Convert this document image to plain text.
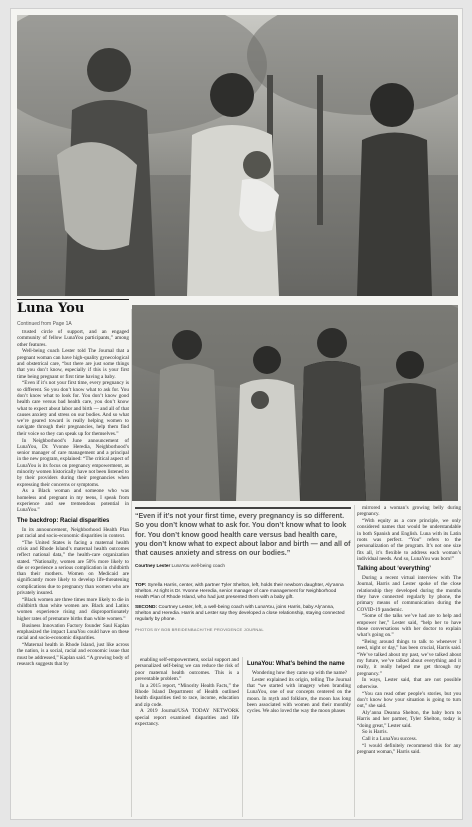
Luna You
Continued from Page 1A

trusted circle of support, and an engaged community of fellow LunaYou participants,” among other features.

Well-being coach Lester told The Journal that a pregnant woman can have high-quality gynecological and obstetrical care, “but there are just some things that you don’t know, especially if this is your first time being pregnant or first time having a baby.

“Even if it’s not your first time, every pregnancy is so different. So you don’t know what to ask for. You don’t know what to look for. You don’t know good health care versus bad health care, you don’t know what to expect about labor and birth — and all of that causes anxiety and stress on our bodies. And so what we’re geared toward is really helping women to navigate through their pregnancies, help them find their voice so they can speak up for themselves.”

In Neighborhood’s June announcement of LunaYou, Dr. Yvonne Heredia, Neighborhood’s senior manager of care management and a principal in the new program, explained: “The critical aspect of LunaYou is its focus on pregnancy empowerment, as minority women historically have not been listened to by their providers during their pregnancies when expressing their concerns or symptoms.

As a Black woman and someone who was homeless and pregnant in my teens, I speak from experience and see tremendous potential in LunaYou.”

The backdrop: Racial disparities

In its announcement, Neighborhood Health Plan put racial and socio-economic disparities in context.

“The United States is facing a maternal health crisis and Rhode Island’s maternal health outcomes reflect national data,” the health-care organization stated. “Nationally, women are 50% more likely to die or experience a serious complication in childbirth than their mothers. Women on Medicaid are significantly more likely to develop life-threatening complications due to pregnancy than women who are privately insured.

“Black women are three times more likely to die in childbirth than white women are. Black and Latinx women experience rising and disproportionately higher rates of premature births than white women.”

Business Innovation Factory founder Saul Kaplan emphasized the impact LunaYou could have on these racial and socio-economic disparities.

“Maternal health in Rhode Island, just like across the nation, is a social, racial and economic issue that must be addressed,” Kaplan said. “A growing body of research suggests that by

“Even if it’s not your first time, every pregnancy is so different. So you don’t know what to ask for. You don’t know what to look for. You don’t know good health care versus bad health care, you don’t know what to expect about labor and birth — and all of that causes anxiety and stress on our bodies.”
Courtney Lester LunaYou well-being coach

TOP: Syrella Harris, center, with partner Tyler Shelton, left, holds their newborn daughter, Aly’anna Shelton. At right is Dr. Yvonne Heredia, senior manager of care management for Neighborhood Health Plan of Rhode Island, who had just presented them with a baby gift.

SECOND: Courtney Lester, left, a well-being coach with LunaYou, joins Harris, baby Aly’anna, Shelton and Heredia. Harris and Lester say they developed a close relationship, staying connected regularly by phone.

PHOTOS BY BOB BREIDENBACH/THE PROVIDENCE JOURNAL

enabling self-empowerment, social support and personalized self-being we can reduce the risk of poor maternal health outcomes. This is a preventable problem.”

In a 2015 report, “Minority Health Facts,” the Rhode Island Department of Health outlined health disparities tied to race, income, education and zip code.

A 2019 Journal/USA TODAY NETWORK special report examined disparities and life expectancy.

LunaYou: What’s behind the name

Wondering how they came up with the name?

Lester explained its origin, telling The Journal that “we started with imagery when branding LunaYou, one of our concepts centered on the moon. In myth and folklore, the moon has long been associated with women and their monthly cycles. We also loved the way the moon phases

mirrored a woman’s growing belly during pregnancy.

“With equity as a core principle, we only considered names that would be understandable in both Spanish and English. Luna with its Latin roots was perfect. “You” refers to the personalization of the program. It’s not one size fits all, it’s flexible to address each woman’s individual needs. And so, LunaYou was born!”

Talking about ‘everything’

During a recent virtual interview with The Journal, Harris and Lester spoke of the close relationship they developed during the months they have connected regularly by phone, the primary means of communication during the COVID-19 pandemic.

“Some of the talks we’ve had are to help and empower her,” Lester said, “help her to have those conversations with her doctor to explain what’s going on.”

“Being around things to talk to whenever I need, night or day,” has been crucial, Harris said. “We’ve talked about my past, we’ve talked about my future, we’ve talked about everything and it really, it really helped me get through my pregnancy.”

In ways, Lester said, that are not possible otherwise.

“You can read other people’s stories, but you don’t know how your situation is going to turn out,” she said.

Aly’anna Deanna Shelton, the baby born to Harris and her partner, Tyler Shelton, today is “doing great,” Lester said.

So is Harris.

Call it a LunaYou success.

“I would definitely recommend this for any pregnant woman,” Harris said.
